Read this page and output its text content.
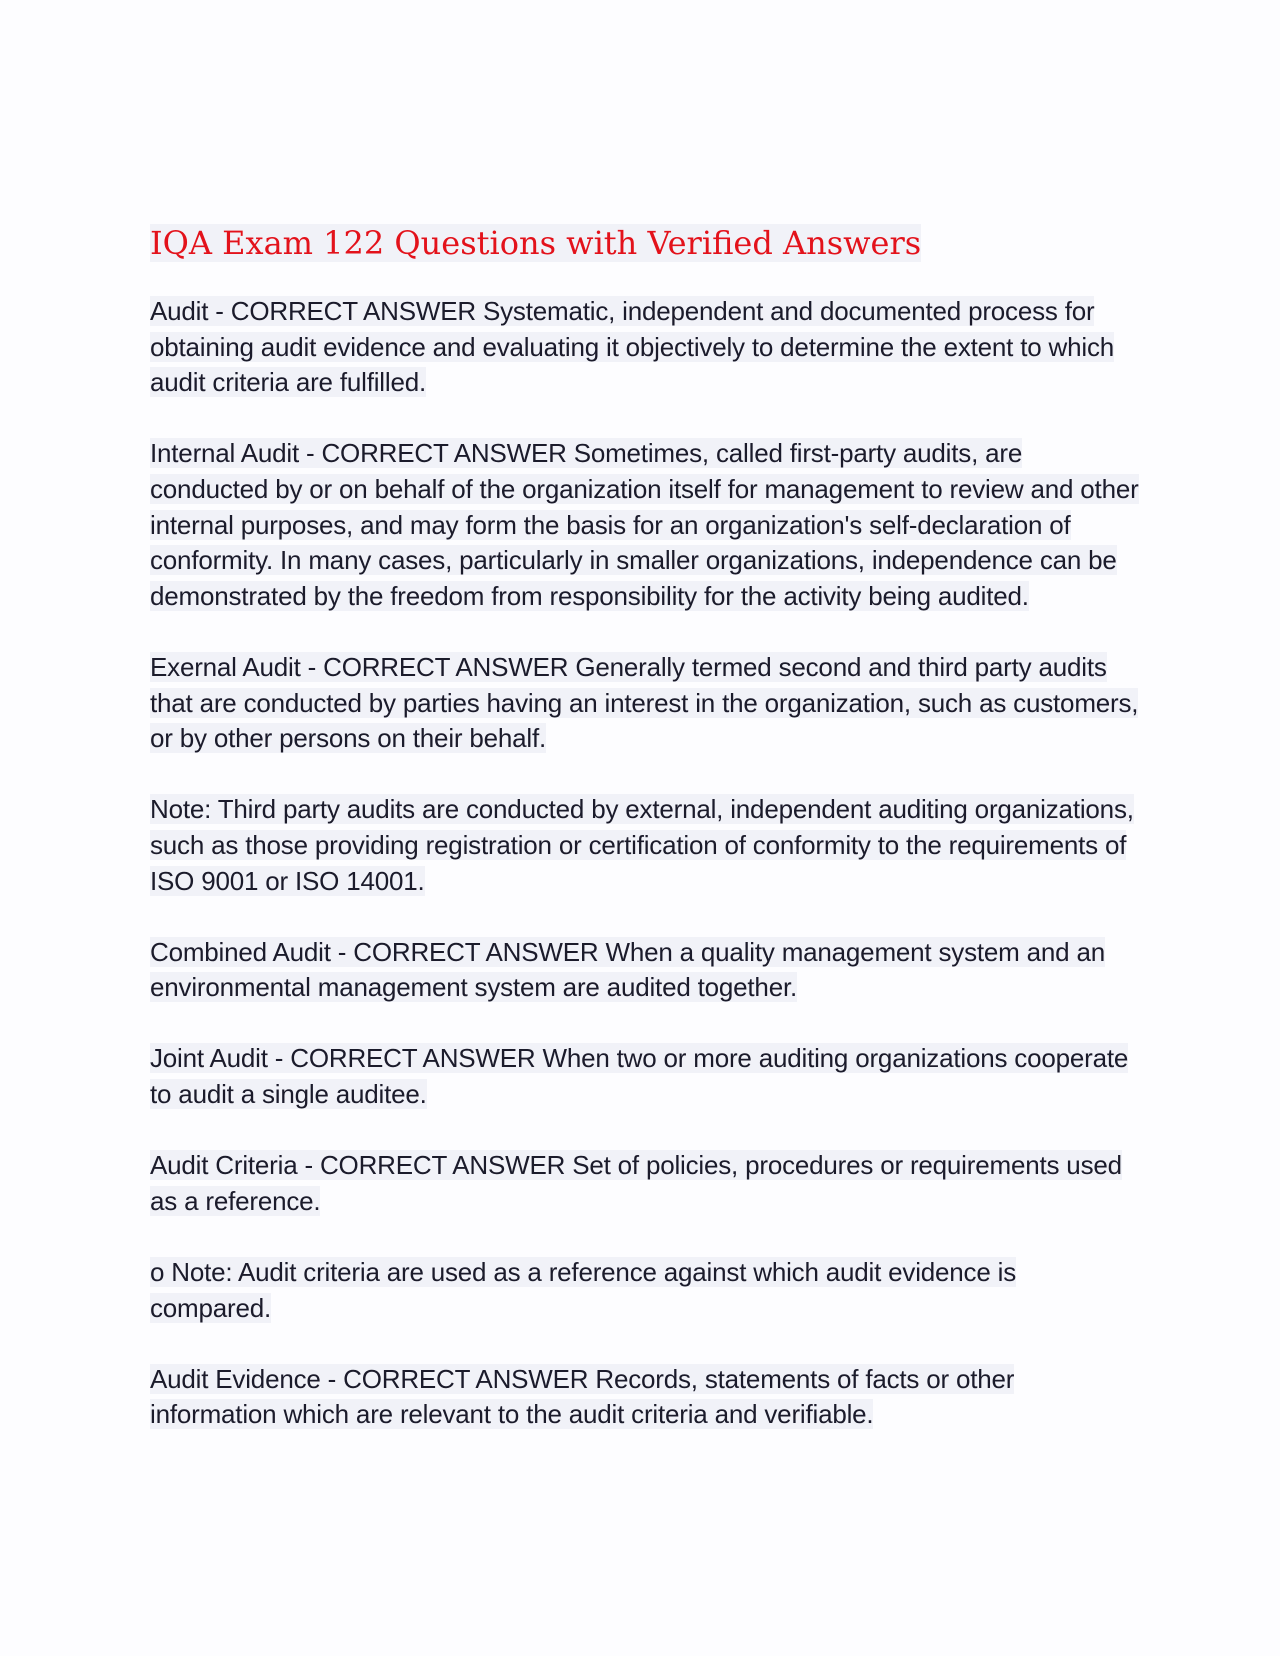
IQA Exam 122 Questions with Verified Answers

Audit - CORRECT ANSWER Systematic, independent and documented process for obtaining audit evidence and evaluating it objectively to determine the extent to which audit criteria are fulfilled.

Internal Audit - CORRECT ANSWER Sometimes, called first-party audits, are conducted by or on behalf of the organization itself for management to review and other internal purposes, and may form the basis for an organization's self-declaration of conformity. In many cases, particularly in smaller organizations, independence can be demonstrated by the freedom from responsibility for the activity being audited.

Exernal Audit - CORRECT ANSWER Generally termed second and third party audits that are conducted by parties having an interest in the organization, such as customers, or by other persons on their behalf.

Note: Third party audits are conducted by external, independent auditing organizations, such as those providing registration or certification of conformity to the requirements of ISO 9001 or ISO 14001.

Combined Audit - CORRECT ANSWER When a quality management system and an environmental management system are audited together.

Joint Audit - CORRECT ANSWER When two or more auditing organizations cooperate to audit a single auditee.

Audit Criteria - CORRECT ANSWER Set of policies, procedures or requirements used as a reference.

o Note: Audit criteria are used as a reference against which audit evidence is compared.

Audit Evidence - CORRECT ANSWER Records, statements of facts or other information which are relevant to the audit criteria and verifiable.
